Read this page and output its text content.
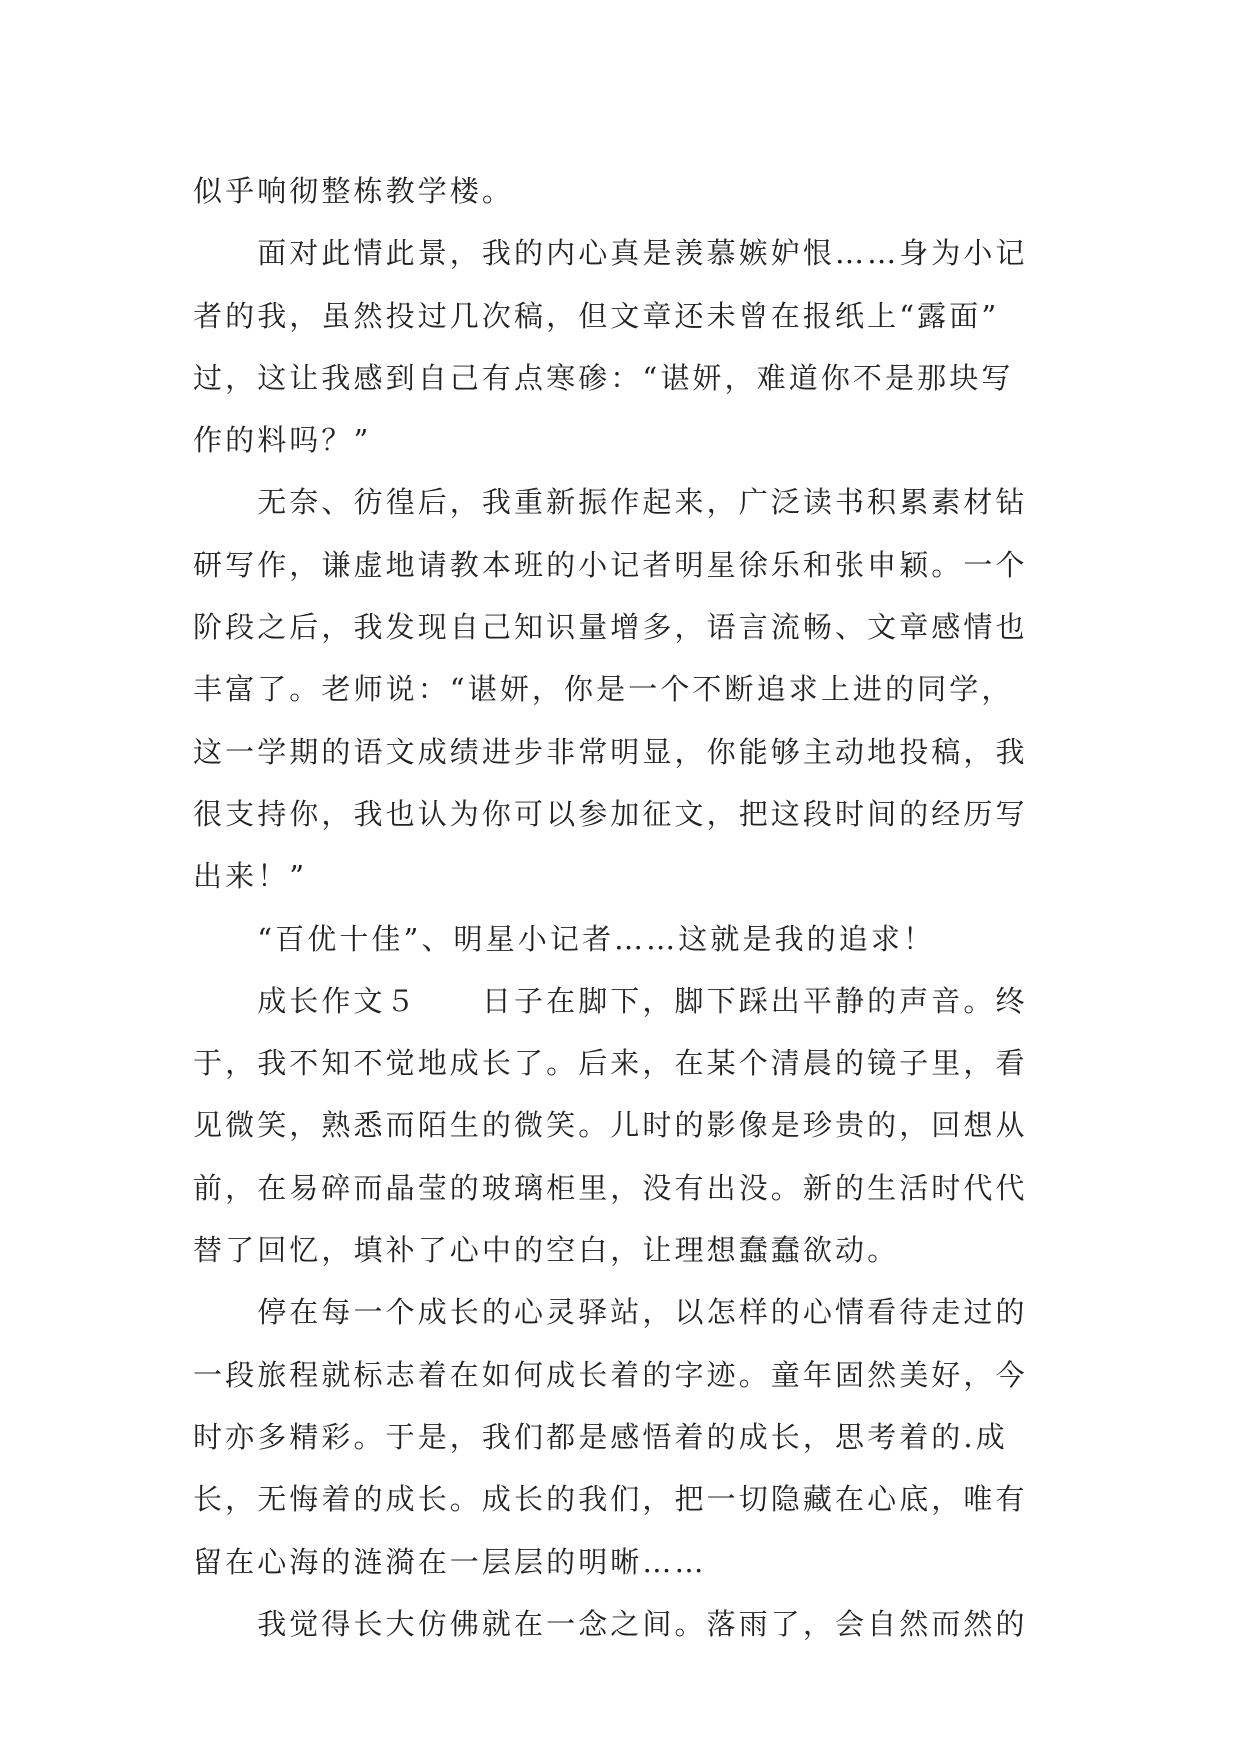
似乎响彻整栋教学楼。
　　面对此情此景，我的内心真是羡慕嫉妒恨……身为小记
者的我，虽然投过几次稿，但文章还未曾在报纸上“露面”
过，这让我感到自己有点寒碜：“谌妍，难道你不是那块写
作的料吗？”
　　无奈、彷徨后，我重新振作起来，广泛读书积累素材钻
研写作，谦虚地请教本班的小记者明星徐乐和张申颖。一个
阶段之后，我发现自己知识量增多，语言流畅、文章感情也
丰富了。老师说：“谌妍，你是一个不断追求上进的同学，
这一学期的语文成绩进步非常明显，你能够主动地投稿，我
很支持你，我也认为你可以参加征文，把这段时间的经历写
出来！”
　　“百优十佳”、明星小记者……这就是我的追求！
　　成长作文５　　日子在脚下，脚下踩出平静的声音。终
于，我不知不觉地成长了。后来，在某个清晨的镜子里，看
见微笑，熟悉而陌生的微笑。儿时的影像是珍贵的，回想从
前，在易碎而晶莹的玻璃柜里，没有出没。新的生活时代代
替了回忆，填补了心中的空白，让理想蠢蠢欲动。
　　停在每一个成长的心灵驿站，以怎样的心情看待走过的
一段旅程就标志着在如何成长着的字迹。童年固然美好，今
时亦多精彩。于是，我们都是感悟着的成长，思考着的.成
长，无悔着的成长。成长的我们，把一切隐藏在心底，唯有
留在心海的涟漪在一层层的明晰……
　　我觉得长大仿佛就在一念之间。落雨了，会自然而然的
